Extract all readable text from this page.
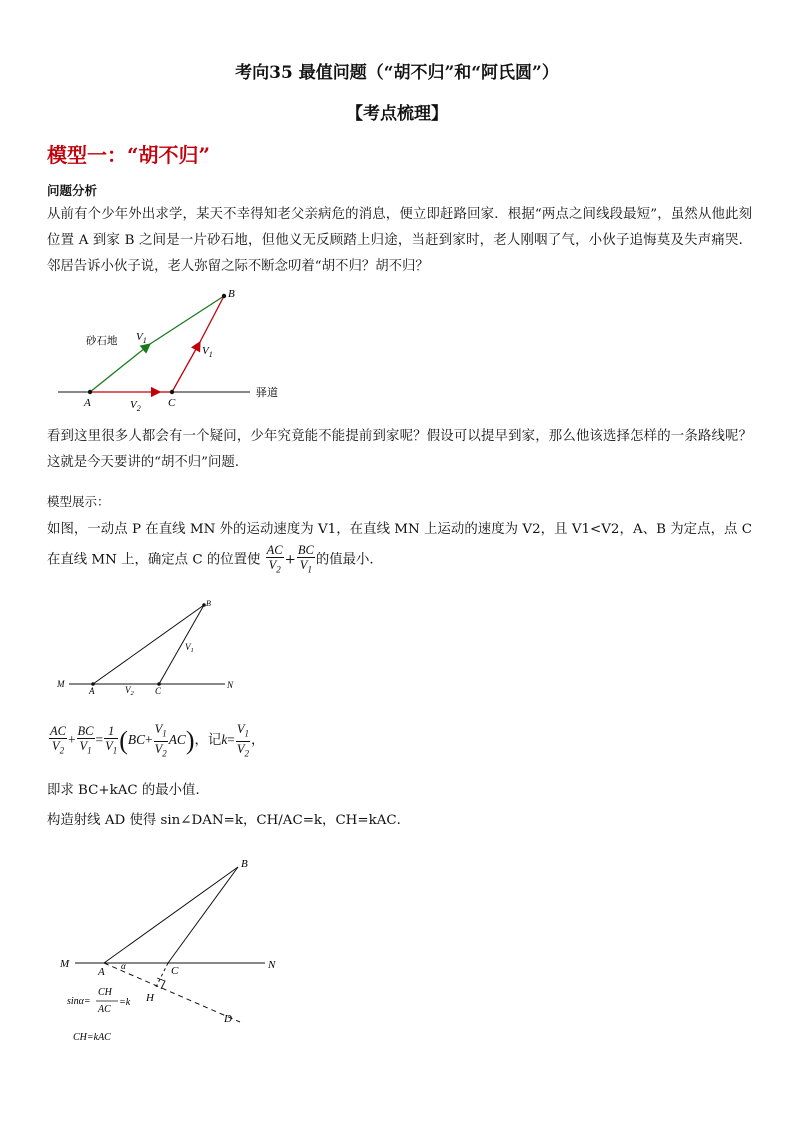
考向35 最值问题（“胡不归”和“阿氏圆”）
【考点梳理】
模型一：“胡不归”
问题分析
从前有个少年外出求学，某天不幸得知老父亲病危的消息，便立即赶路回家．根据“两点之间线段最短”，虽然从他此刻位置 A 到家 B 之间是一片砂石地，但他义无反顾踏上归途，当赶到家时，老人刚咽了气，小伙子追悔莫及失声痛哭．邻居告诉小伙子说，老人弥留之际不断念叨着“胡不归？胡不归？
B
A	C
$V_1$
$V_1$
$V_2$
砂石地
驿道
看到这里很多人都会有一个疑问，少年究竟能不能提前到家呢？假设可以提早到家，那么他该选择怎样的一条路线呢？这就是今天要讲的“胡不归”问题.
模型展示：
如图，一动点 P 在直线 MN 外的运动速度为 V1，在直线 MN 上运动的速度为 V2，且 V1<V2，A、B 为定点，点 C 在直线 MN 上，确定点 C 的位置使 $\frac{AC}{V_2} + \frac{BC}{V_1}$ 的值最小．
M	N
A	C
B
$V_1$
$V_2$
$\frac{AC}{V_2} + \frac{BC}{V_1} = \frac{1}{V_1} (BC+ \frac{V_1}{V_2} AC)$，记$k= \frac{V_1}{V_2}$ ，
即求 BC+kAC 的最小值．
构造射线 AD 使得 sin∠DAN=k，CH/AC=k，CH=kAC．
M	N
A	C
B
H
D
α
sinα=
CH
AC
=k
CH=kAC
